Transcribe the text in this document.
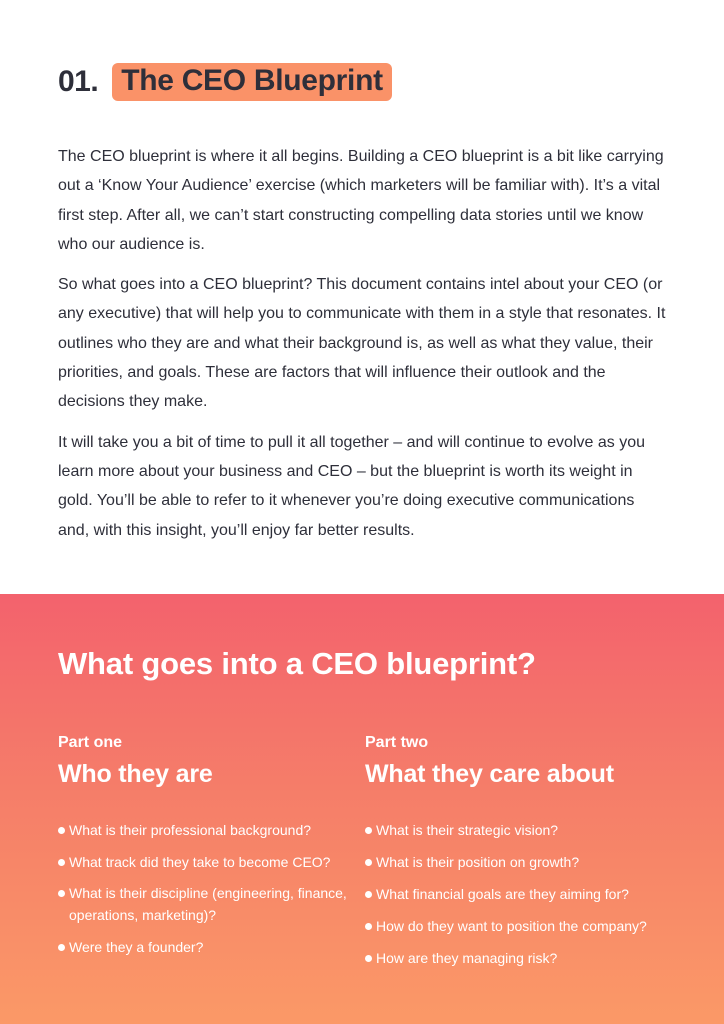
01. The CEO Blueprint

The CEO blueprint is where it all begins. Building a CEO blueprint is a bit like carrying out a ‘Know Your Audience’ exercise (which marketers will be familiar with). It’s a vital first step. After all, we can’t start constructing compelling data stories until we know who our audience is.

So what goes into a CEO blueprint? This document contains intel about your CEO (or any executive) that will help you to communicate with them in a style that resonates. It outlines who they are and what their background is, as well as what they value, their priorities, and goals. These are factors that will influence their outlook and the decisions they make.

It will take you a bit of time to pull it all together – and will continue to evolve as you learn more about your business and CEO – but the blueprint is worth its weight in gold. You’ll be able to refer to it whenever you’re doing executive communications and, with this insight, you’ll enjoy far better results.

What goes into a CEO blueprint?
Part one
Who they are
What is their professional background?
What track did they take to become CEO?
What is their discipline (engineering, finance, operations, marketing)?
Were they a founder?
Part two
What they care about
What is their strategic vision?
What is their position on growth?
What financial goals are they aiming for?
How do they want to position the company?
How are they managing risk?
